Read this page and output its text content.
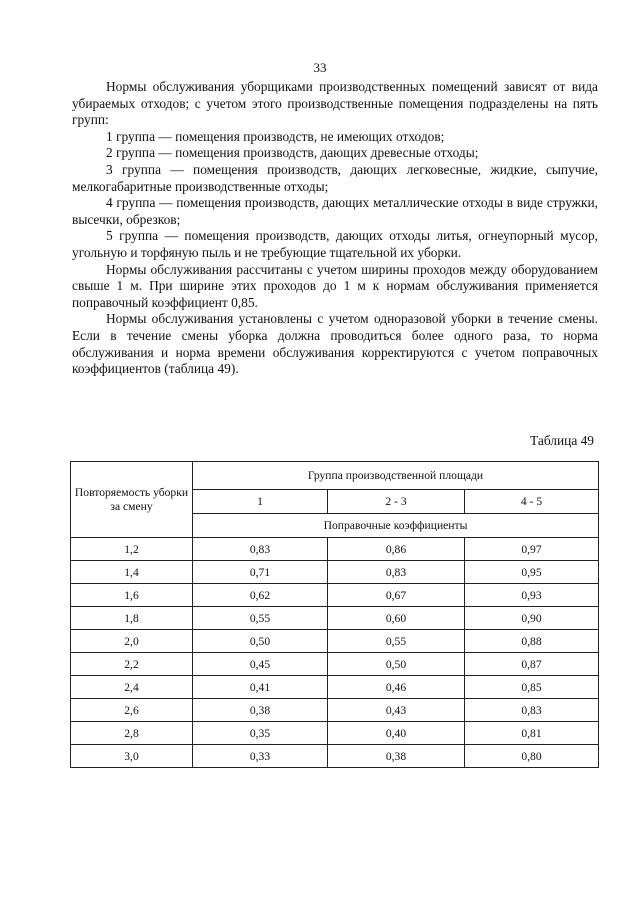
33

Нормы обслуживания уборщиками производственных помещений зависят от вида убираемых отходов; с учетом этого производственные помещения подразделены на пять групп:

1 группа — помещения производств, не имеющих отходов;

2 группа — помещения производств, дающих древесные отходы;

3 группа — помещения производств, дающих легковесные, жидкие, сыпучие, мелкогабаритные производственные отходы;

4 группа — помещения производств, дающих металлические отходы в виде стружки, высечки, обрезков;

5 группа — помещения производств, дающих отходы литья, огнеупорный мусор, угольную и торфяную пыль и не требующие тщательной их уборки.

Нормы обслуживания рассчитаны с учетом ширины проходов между оборудованием свыше 1 м. При ширине этих проходов до 1 м к нормам обслуживания применяется поправочный коэффициент 0,85.

Нормы обслуживания установлены с учетом одноразовой уборки в течение смены. Если в течение смены уборка должна проводиться более одного раза, то норма обслуживания и норма времени обслуживания корректируются с учетом поправочных коэффициентов (таблица 49).

Таблица 49
Повторяемость уборки за смену	Группа производственной площади		
	1	2 - 3	4 - 5
	Поправочные коэффициенты		
1,2	0,83	0,86	0,97
1,4	0,71	0,83	0,95
1,6	0,62	0,67	0,93
1,8	0,55	0,60	0,90
2,0	0,50	0,55	0,88
2,2	0,45	0,50	0,87
2,4	0,41	0,46	0,85
2,6	0,38	0,43	0,83
2,8	0,35	0,40	0,81
3,0	0,33	0,38	0,80
